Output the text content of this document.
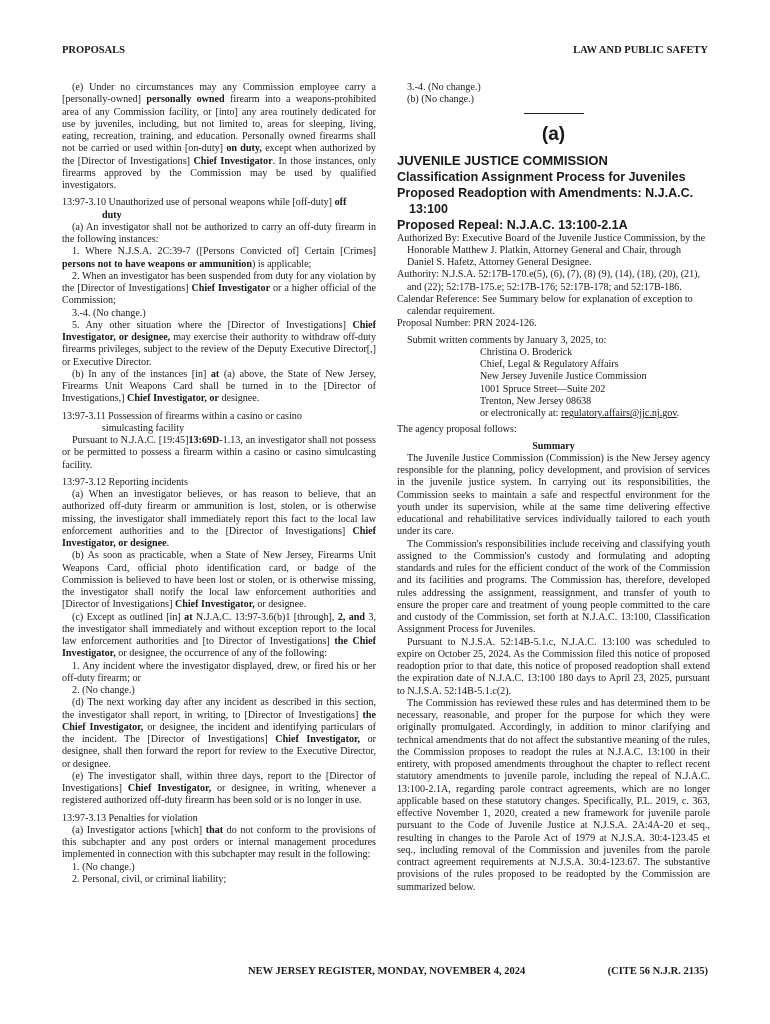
PROPOSALS	LAW AND PUBLIC SAFETY

(e) Under no circumstances may any Commission employee carry a [personally-owned] personally owned firearm into a weapons-prohibited area of any Commission facility, or [into] any area routinely dedicated for use by juveniles, including, but not limited to, areas for sleeping, living, eating, recreation, training, and education. Personally owned firearms shall not be carried or used within [on-duty] on duty, except when authorized by the [Director of Investigations] Chief Investigator. In those instances, only firearms approved by the Commission may be used by qualified investigators.

13:97-3.10 Unauthorized use of personal weapons while [off-duty] off
duty

(a) An investigator shall not be authorized to carry an off-duty firearm in the following instances:

1. Where N.J.S.A. 2C:39-7 ([Persons Convicted of] Certain [Crimes] persons not to have weapons or ammunition) is applicable;

2. When an investigator has been suspended from duty for any violation by the [Director of Investigations] Chief Investigator or a higher official of the Commission;

3.-4. (No change.)

5. Any other situation where the [Director of Investigations] Chief Investigator, or designee, may exercise their authority to withdraw off-duty firearms privileges, subject to the review of the Deputy Executive Director[,] or Executive Director.

(b) In any of the instances [in] at (a) above, the State of New Jersey, Firearms Unit Weapons Card shall be turned in to the [Director of Investigations,] Chief Investigator, or designee.

13:97-3.11 Possession of firearms within a casino or casino
simulcasting facility

Pursuant to N.J.A.C. [19:45]13:69D-1.13, an investigator shall not possess or be permitted to possess a firearm within a casino or casino simulcasting facility.

13:97-3.12 Reporting incidents

(a) When an investigator believes, or has reason to believe, that an authorized off-duty firearm or ammunition is lost, stolen, or is otherwise missing, the investigator shall immediately report this fact to the local law enforcement authorities and to the [Director of Investigations] Chief Investigator, or designee.

(b) As soon as practicable, when a State of New Jersey, Firearms Unit Weapons Card, official photo identification card, or badge of the Commission is believed to have been lost or stolen, or is otherwise missing, the investigator shall notify the local law enforcement authorities and [Director of Investigations] Chief Investigator, or designee.

(c) Except as outlined [in] at N.J.A.C. 13:97-3.6(b)1 [through], 2, and 3, the investigator shall immediately and without exception report to the local law enforcement authorities and [to Director of Investigations] the Chief Investigator, or designee, the occurrence of any of the following:

1. Any incident where the investigator displayed, drew, or fired his or her off-duty firearm; or

2. (No change.)

(d) The next working day after any incident as described in this section, the investigator shall report, in writing, to [Director of Investigations] the Chief Investigator, or designee, the incident and identifying particulars of the incident. The [Director of Investigations] Chief Investigator, or designee, shall then forward the report for review to the Executive Director, or designee.

(e) The investigator shall, within three days, report to the [Director of Investigations] Chief Investigator, or designee, in writing, whenever a registered authorized off-duty firearm has been sold or is no longer in use.

13:97-3.13 Penalties for violation

(a) Investigator actions [which] that do not conform to the provisions of this subchapter and any post orders or internal management procedures implemented in connection with this subchapter may result in the following:

1. (No change.)

2. Personal, civil, or criminal liability;

3.-4. (No change.)

(b) (No change.)

(a)

JUVENILE JUSTICE COMMISSION

Classification Assignment Process for Juveniles

Proposed Readoption with Amendments: N.J.A.C. 13:100

Proposed Repeal: N.J.A.C. 13:100-2.1A

Authorized By: Executive Board of the Juvenile Justice Commission, by the Honorable Matthew J. Platkin, Attorney General and Chair, through Daniel S. Hafetz, Attorney General Designee.

Authority: N.J.S.A. 52:17B-170.e(5), (6), (7), (8) (9), (14), (18), (20), (21), and (22); 52:17B-175.e; 52:17B-176; 52:17B-178; and 52:17B-186.

Calendar Reference: See Summary below for explanation of exception to calendar requirement.

Proposal Number: PRN 2024-126.

Submit written comments by January 3, 2025, to:

Christina O. Broderick

Chief, Legal & Regulatory Affairs

New Jersey Juvenile Justice Commission

1001 Spruce Street—Suite 202

Trenton, New Jersey 08638

or electronically at: regulatory.affairs@jjc.nj.gov.

The agency proposal follows:

Summary

The Juvenile Justice Commission (Commission) is the New Jersey agency responsible for the planning, policy development, and provision of services in the juvenile justice system. In carrying out its responsibilities, the Commission seeks to maintain a safe and respectful environment for the youth under its supervision, while at the same time delivering effective educational and rehabilitative services individually tailored to each youth under its care.

The Commission's responsibilities include receiving and classifying youth assigned to the Commission's custody and formulating and adopting standards and rules for the efficient conduct of the work of the Commission and its facilities and programs. The Commission has, therefore, developed rules addressing the assignment, reassignment, and transfer of youth to ensure the proper care and treatment of young people committed to the care and custody of the Commission, set forth at N.J.A.C. 13:100, Classification Assignment Process for Juveniles.

Pursuant to N.J.S.A. 52:14B-5.1.c, N.J.A.C. 13:100 was scheduled to expire on October 25, 2024. As the Commission filed this notice of proposed readoption prior to that date, this notice of proposed readoption shall extend the expiration date of N.J.A.C. 13:100 180 days to April 23, 2025, pursuant to N.J.S.A. 52:14B-5.1.c(2).

The Commission has reviewed these rules and has determined them to be necessary, reasonable, and proper for the purpose for which they were originally promulgated. Accordingly, in addition to minor clarifying and technical amendments that do not affect the substantive meaning of the rules, the Commission proposes to readopt the rules at N.J.A.C. 13:100 in their entirety, with proposed amendments throughout the chapter to reflect recent statutory amendments to juvenile parole, including the repeal of N.J.A.C. 13:100-2.1A, regarding parole contract agreements, which are no longer applicable based on these statutory changes. Specifically, P.L. 2019, c. 363, effective November 1, 2020, created a new framework for juvenile parole pursuant to the Code of Juvenile Justice at N.J.S.A. 2A:4A-20 et seq., resulting in changes to the Parole Act of 1979 at N.J.S.A. 30:4-123.45 et seq., including removal of the Commission and juveniles from the parole contract agreement requirements at N.J.S.A. 30:4-123.67. The substantive provisions of the rules proposed to be readopted by the Commission are summarized below.

NEW JERSEY REGISTER, MONDAY, NOVEMBER 4, 2024	(CITE 56 N.J.R. 2135)
